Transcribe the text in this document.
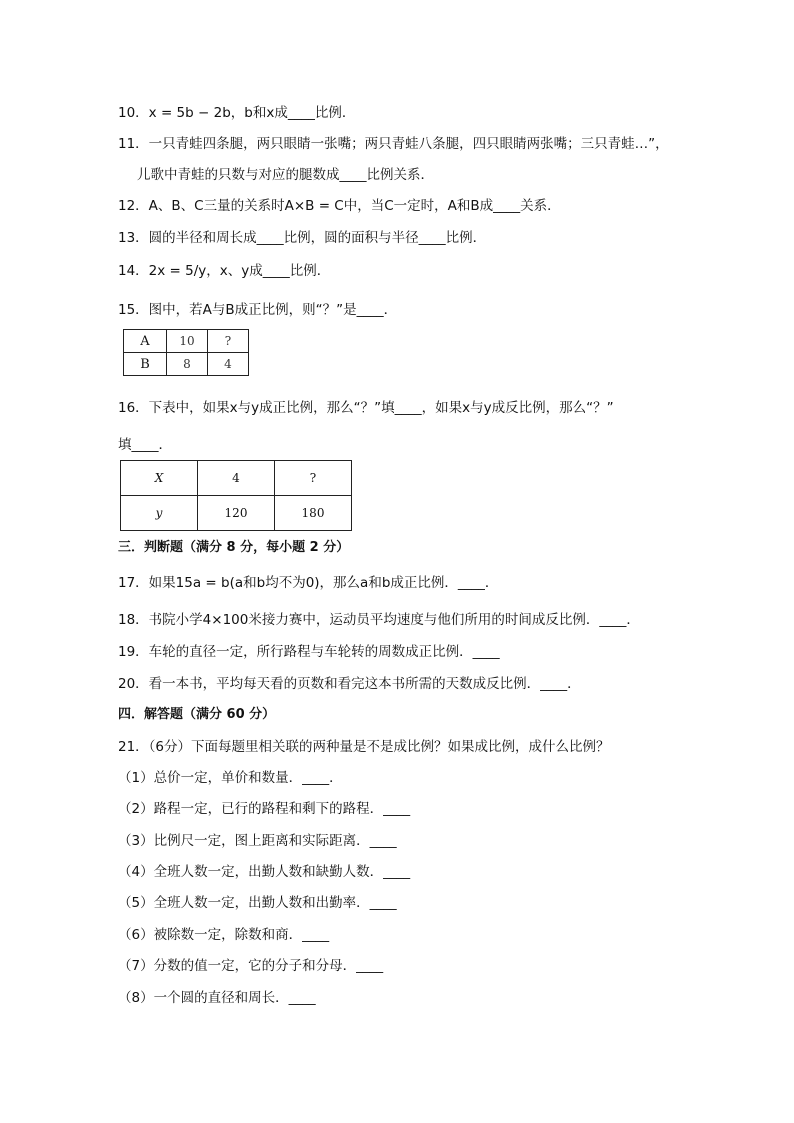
10．x = 5b − 2b，b和x成____比例．
11．一只青蛙四条腿，两只眼睛一张嘴；两只青蛙八条腿，四只眼睛两张嘴；三只青蛙…”，
儿歌中青蛙的只数与对应的腿数成____比例关系．
12．A、B、C三量的关系时A×B = C中，当C一定时，A和B成____关系．
13．圆的半径和周长成____比例，圆的面积与半径____比例．
14．2x = 5/y，x、y成____比例．
15．图中，若A与B成正比例，则“？”是____．
A	10	?
B	8	4
16．下表中，如果x与y成正比例，那么“？”填____，如果x与y成反比例，那么“？”
填____．
X	4	?
y	120	180
三．判断题（满分 8 分，每小题 2 分）
17．如果15a = b(a和b均不为0)，那么a和b成正比例．____．
18．书院小学4×100米接力赛中，运动员平均速度与他们所用的时间成反比例．____．
19．车轮的直径一定，所行路程与车轮转的周数成正比例．____
20．看一本书，平均每天看的页数和看完这本书所需的天数成反比例．____．
四．解答题（满分 60 分）
21．（6分）下面每题里相关联的两种量是不是成比例？如果成比例，成什么比例？
（1）总价一定，单价和数量．____．
（2）路程一定，已行的路程和剩下的路程．____
（3）比例尺一定，图上距离和实际距离．____
（4）全班人数一定，出勤人数和缺勤人数．____
（5）全班人数一定，出勤人数和出勤率．____
（6）被除数一定，除数和商．____
（7）分数的值一定，它的分子和分母．____
（8）一个圆的直径和周长．____
